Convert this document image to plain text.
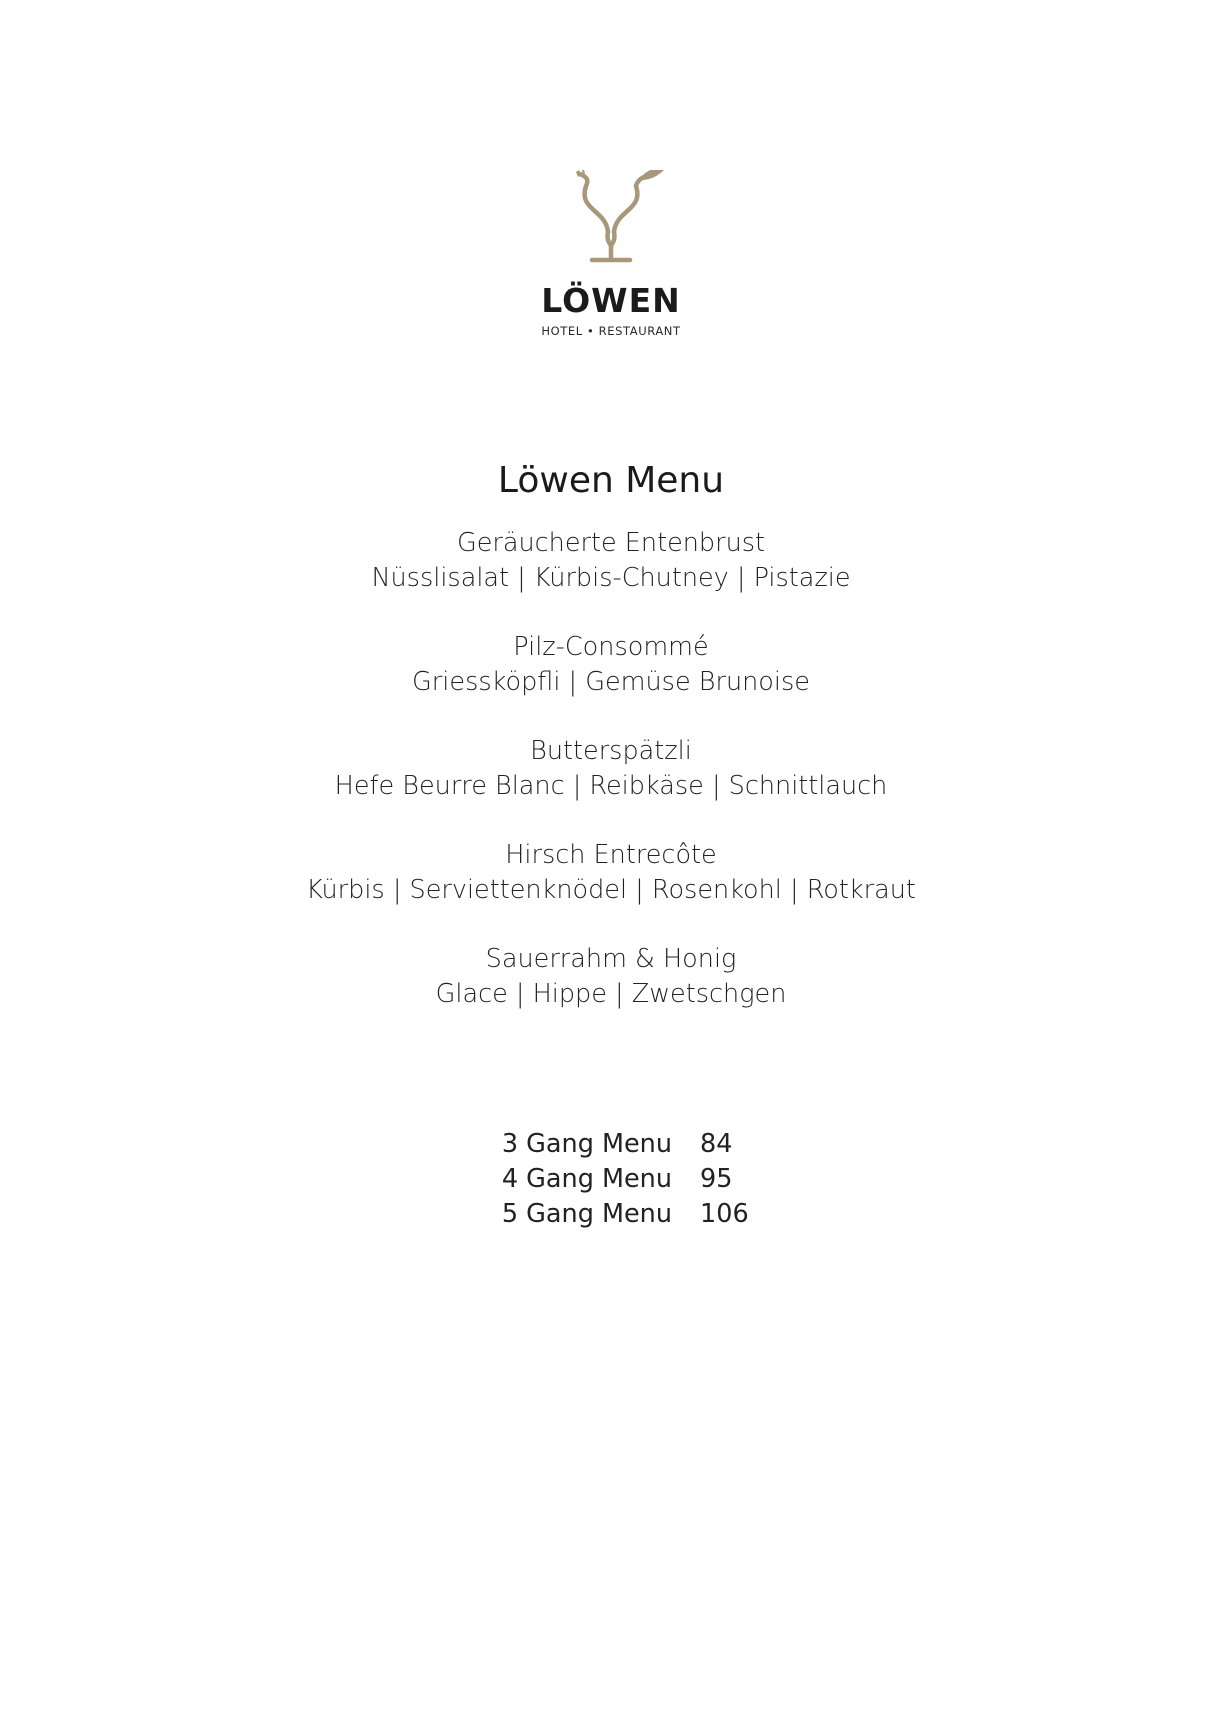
LÖWEN
HOTEL • RESTAURANT
Löwen Menu
Geräucherte Entenbrust
Nüsslisalat | Kürbis-Chutney | Pistazie
Pilz-Consommé
Griessköpfli | Gemüse Brunoise
Butterspätzli
Hefe Beurre Blanc | Reibkäse | Schnittlauch
Hirsch Entrecôte
Kürbis | Serviettenknödel | Rosenkohl | Rotkraut
Sauerrahm & Honig
Glace | Hippe | Zwetschgen
3 Gang Menu 84
4 Gang Menu 95
5 Gang Menu 106
